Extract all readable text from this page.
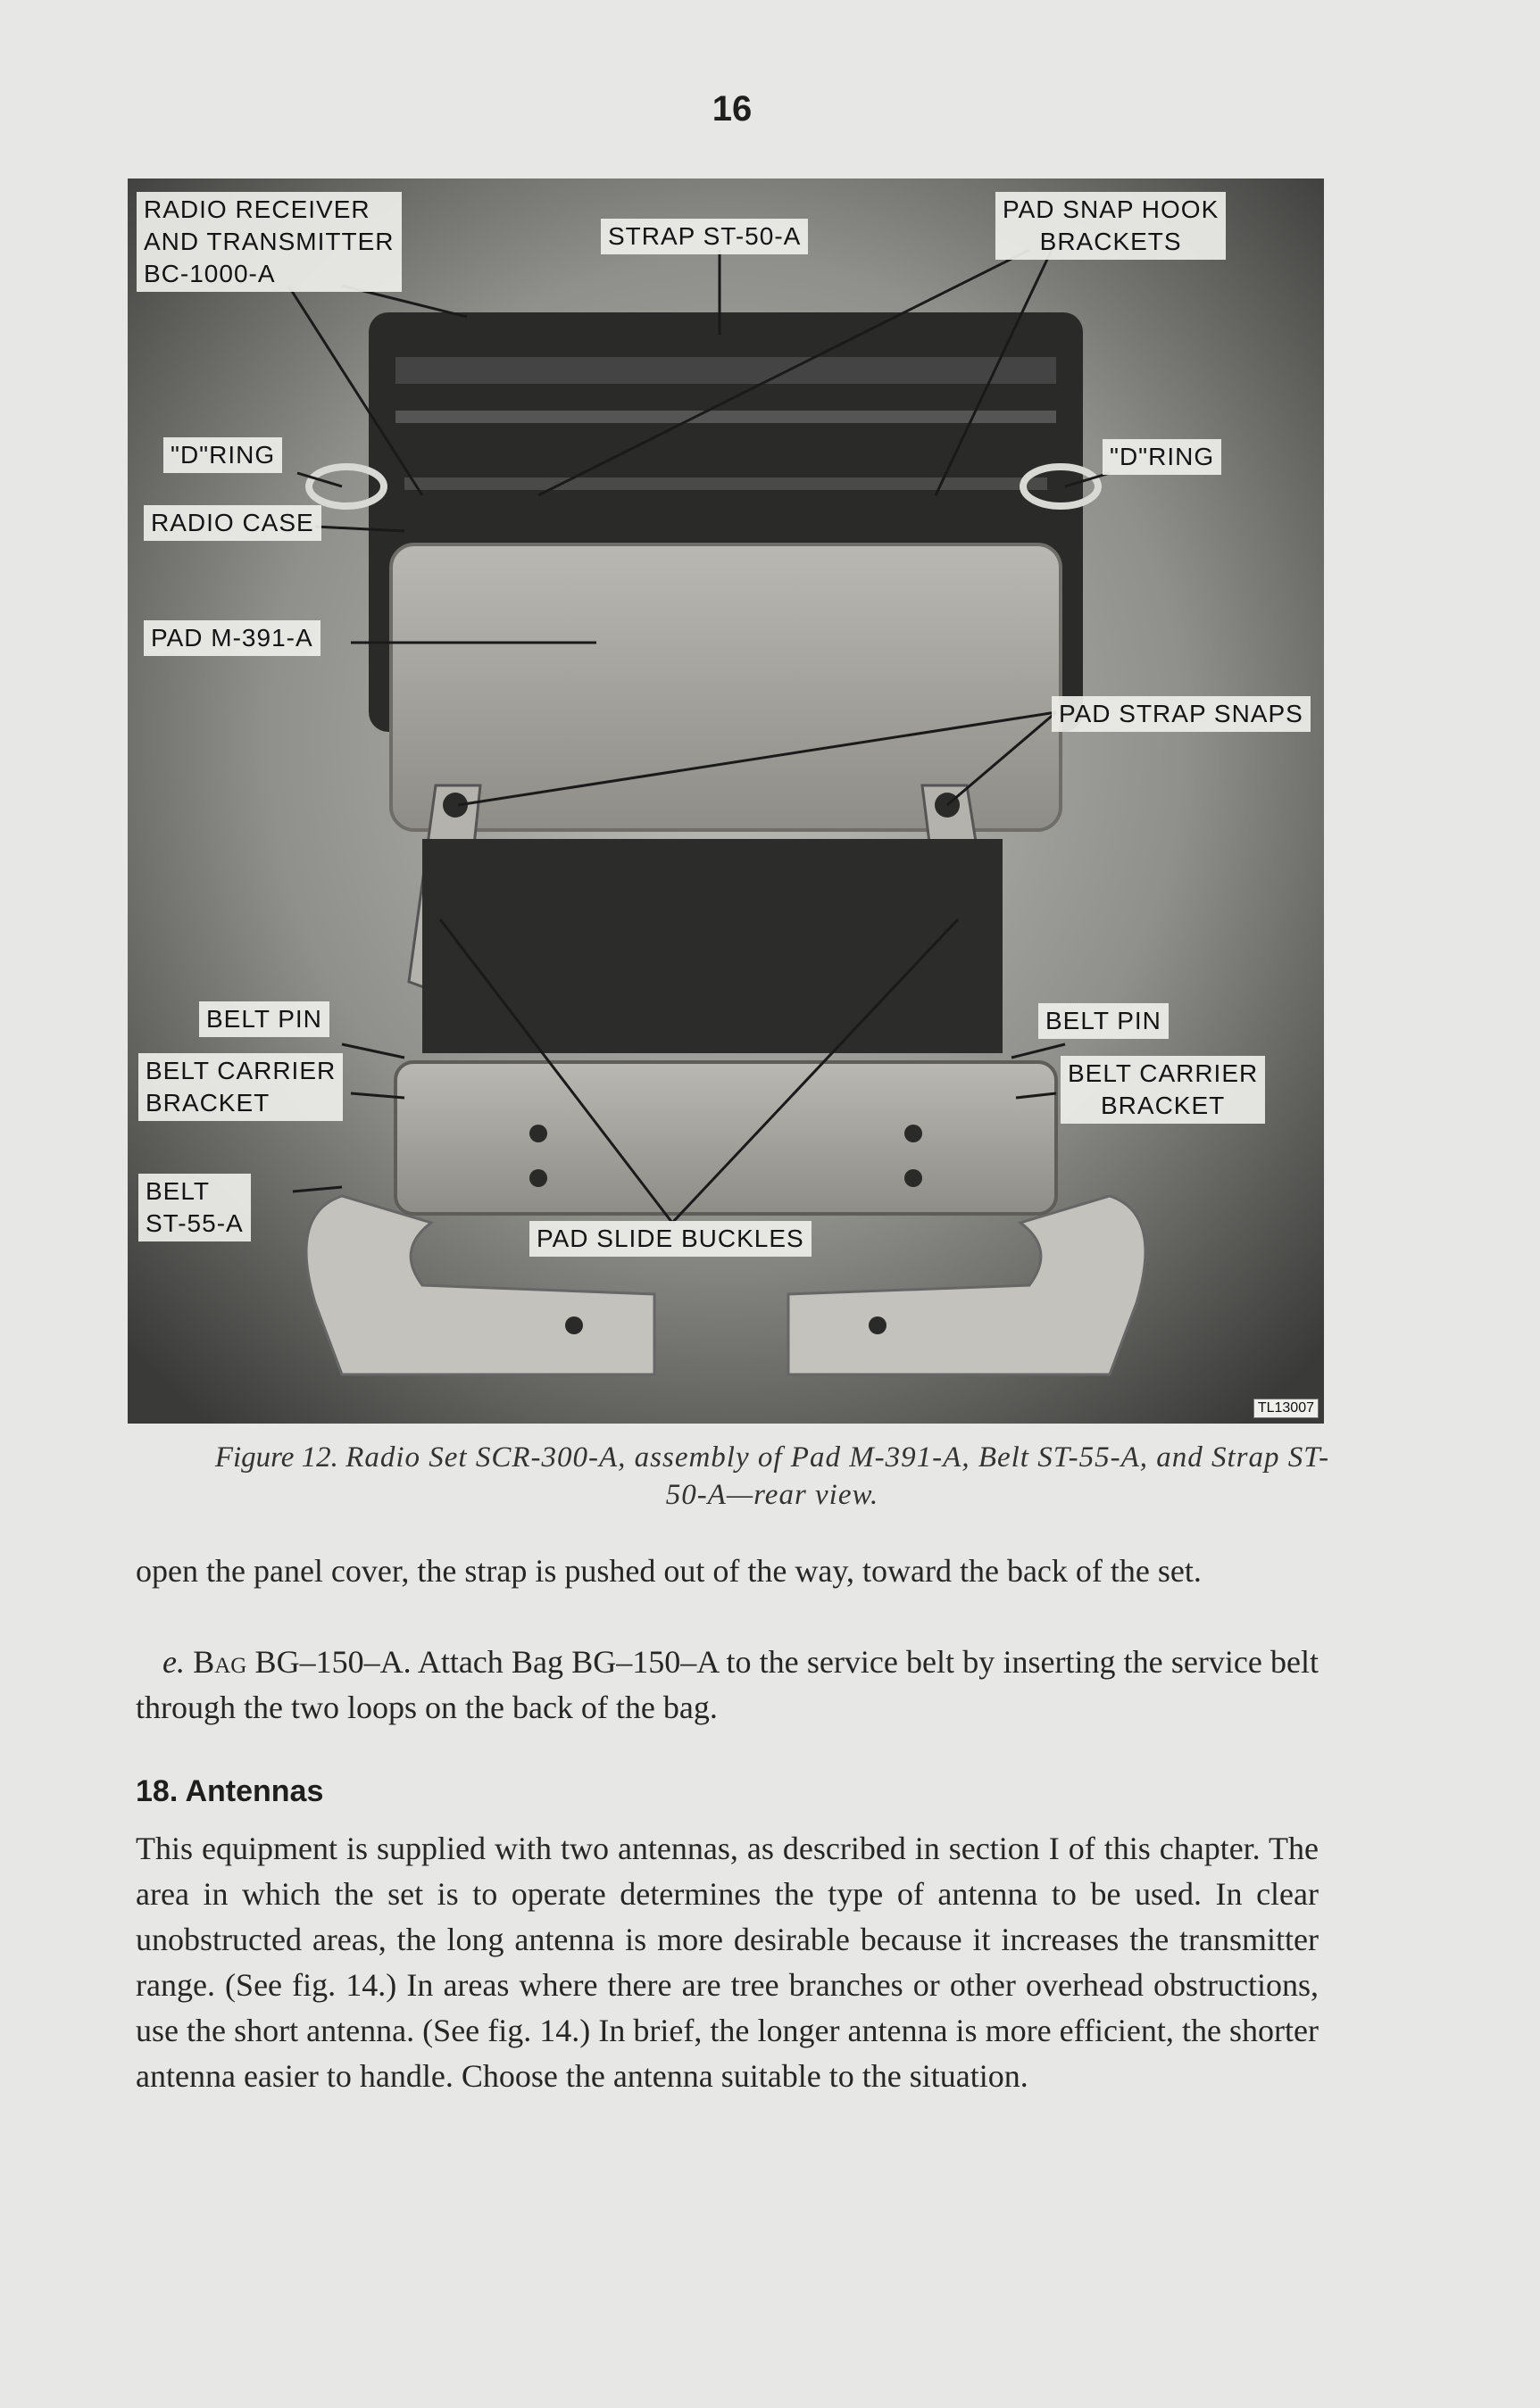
16
RADIO RECEIVER
AND TRANSMITTER
BC-1000-A
STRAP ST-50-A
PAD SNAP HOOK
BRACKETS
"D"RING	"D"RING
RADIO CASE
PAD M-391-A
PAD STRAP SNAPS
BELT PIN	BELT PIN
BELT CARRIER
BRACKET
BELT CARRIER
BRACKET
BELT
ST-55-A
PAD SLIDE BUCKLES
TL13007
Figure 12. Radio Set SCR-300-A, assembly of Pad M-391-A, Belt ST-55-A, and Strap ST-50-A—rear view.

open the panel cover, the strap is pushed out of the way, toward the back of the set.

e. Bag BG–150–A. Attach Bag BG–150–A to the service belt by inserting the service belt through the two loops on the back of the bag.

18. Antennas

This equipment is supplied with two antennas, as described in section I of this chapter. The area in which the set is to operate determines the type of antenna to be used. In clear unobstructed areas, the long antenna is more desirable because it increases the transmitter range. (See fig. 14.) In areas where there are tree branches or other overhead obstructions, use the short antenna. (See fig. 14.) In brief, the longer antenna is more efficient, the shorter antenna easier to handle. Choose the antenna suitable to the situation.
